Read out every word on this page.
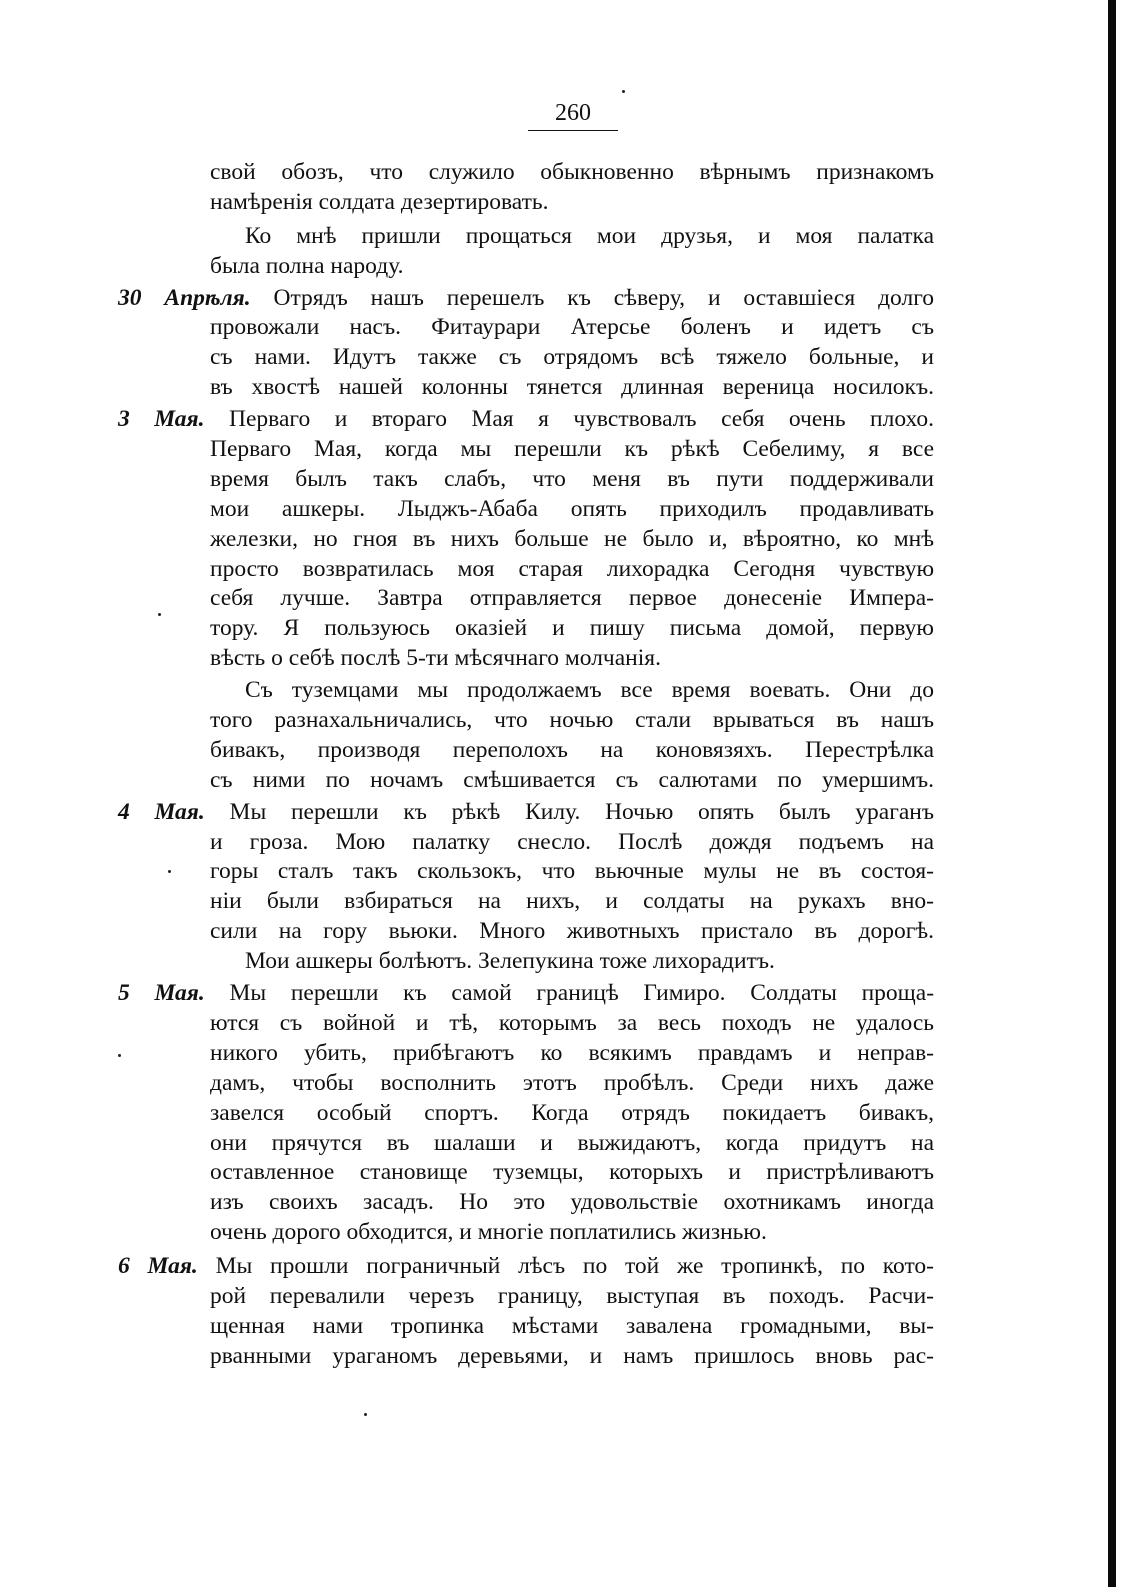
260
свой обозъ, что служило обыкновенно вѣрнымъ признакомъ
намѣренія солдата дезертировать.
Ко мнѣ пришли прощаться мои друзья, и моя палатка
была полна народу.
30 Апрѣля. Отрядъ нашъ перешелъ къ сѣверу, и оставшіеся долго
провожали насъ. Фитаурари Атерсье боленъ и идетъ съ
съ нами. Идутъ также съ отрядомъ всѣ тяжело больные, и
въ хвостѣ нашей колонны тянется длинная вереница носилокъ.
3 Мая. Перваго и втораго Мая я чувствовалъ себя очень плохо.
Перваго Мая, когда мы перешли къ рѣкѣ Себелиму, я все
время былъ такъ слабъ, что меня въ пути поддерживали
мои ашкеры. Лыджъ-Абаба опять приходилъ продавливать
железки, но гноя въ нихъ больше не было и, вѣроятно, ко мнѣ
просто возвратилась моя старая лихорадка Сегодня чувствую
себя лучше. Завтра отправляется первое донесеніе Импера-
тору. Я пользуюсь оказіей и пишу письма домой, первую
вѣсть о себѣ послѣ 5-ти мѣсячнаго молчанія.
Съ туземцами мы продолжаемъ все время воевать. Они до
того разнахальничались, что ночью стали врываться въ нашъ
бивакъ, производя переполохъ на коновязяхъ. Перестрѣлка
съ ними по ночамъ смѣшивается съ салютами по умершимъ.
4 Мая. Мы перешли къ рѣкѣ Килу. Ночью опять былъ ураганъ
и гроза. Мою палатку снесло. Послѣ дождя подъемъ на
горы сталъ такъ скользокъ, что вьючные мулы не въ состоя-
ніи были взбираться на нихъ, и солдаты на рукахъ вно-
сили на гору вьюки. Много животныхъ пристало въ дорогѣ.
Мои ашкеры болѣютъ. Зелепукина тоже лихорадитъ.
5 Мая. Мы перешли къ самой границѣ Гимиро. Солдаты проща-
ются съ войной и тѣ, которымъ за весь походъ не удалось
никого убить, прибѣгаютъ ко всякимъ правдамъ и неправ-
дамъ, чтобы восполнить этотъ пробѣлъ. Среди нихъ даже
завелся особый спортъ. Когда отрядъ покидаетъ бивакъ,
они прячутся въ шалаши и выжидаютъ, когда придутъ на
оставленное становище туземцы, которыхъ и пристрѣливаютъ
изъ своихъ засадъ. Но это удовольствіе охотникамъ иногда
очень дорого обходится, и многіе поплатились жизнью.
6 Мая. Мы прошли пограничный лѣсъ по той же тропинкѣ, по кото-
рой перевалили черезъ границу, выступая въ походъ. Расчи-
щенная нами тропинка мѣстами завалена громадными, вы-
рванными ураганомъ деревьями, и намъ пришлось вновь рас-
